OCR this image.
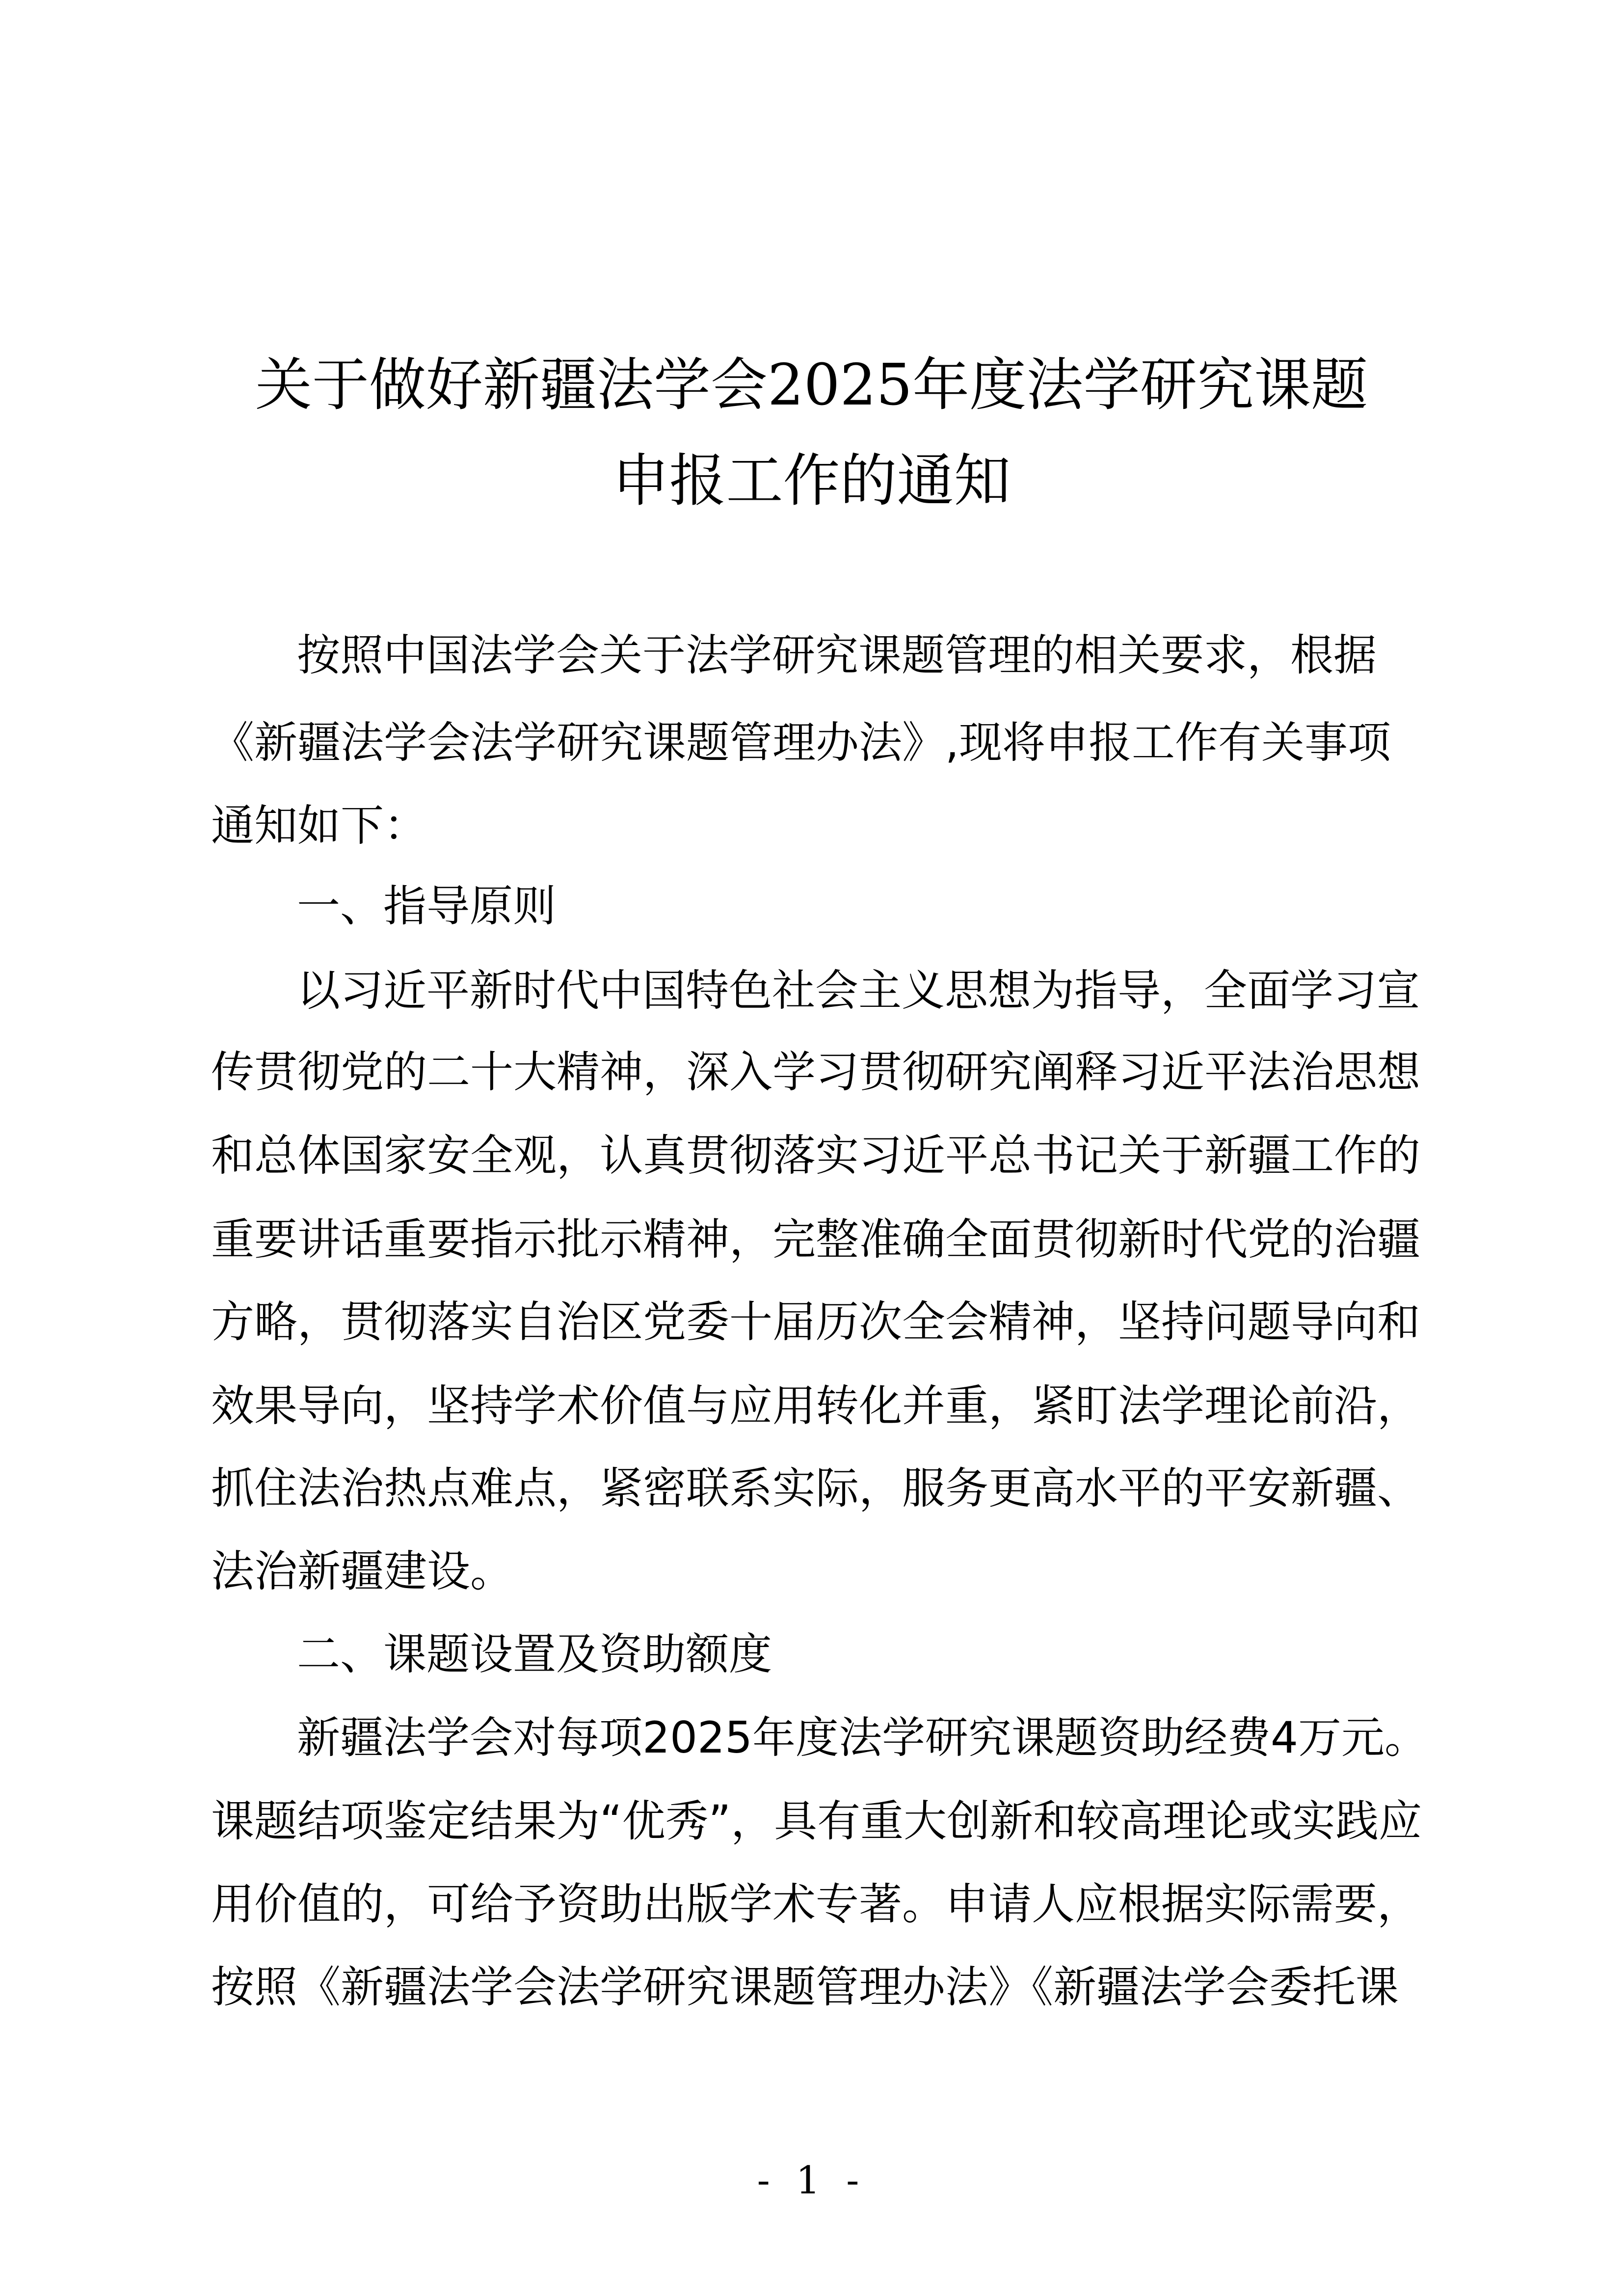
关于做好新疆法学会2025年度法学研究课题
申报工作的通知
按照中国法学会关于法学研究课题管理的相关要求，根据
《新疆法学会法学研究课题管理办法》,现将申报工作有关事项
通知如下：
一、指导原则
以习近平新时代中国特色社会主义思想为指导，全面学习宣
传贯彻党的二十大精神，深入学习贯彻研究阐释习近平法治思想
和总体国家安全观，认真贯彻落实习近平总书记关于新疆工作的
重要讲话重要指示批示精神，完整准确全面贯彻新时代党的治疆
方略，贯彻落实自治区党委十届历次全会精神，坚持问题导向和
效果导向，坚持学术价值与应用转化并重，紧盯法学理论前沿，
抓住法治热点难点，紧密联系实际，服务更高水平的平安新疆、
法治新疆建设。
二、课题设置及资助额度
新疆法学会对每项2025年度法学研究课题资助经费4万元。
课题结项鉴定结果为“优秀”，具有重大创新和较高理论或实践应
用价值的，可给予资助出版学术专著。申请人应根据实际需要，
按照《新疆法学会法学研究课题管理办法》《新疆法学会委托课
- 1 -
